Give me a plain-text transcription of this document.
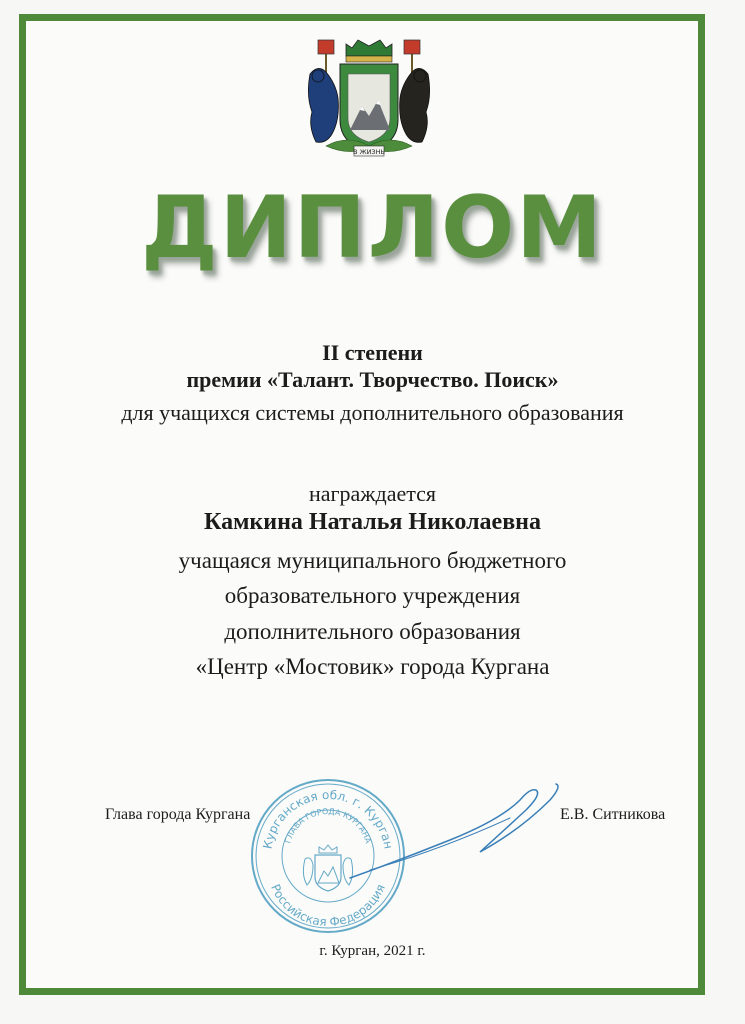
В ЖИЗНЬ
ДИПЛОМ
II степени
премии «Талант. Творчество. Поиск»
для учащихся системы дополнительного образования
награждается
Камкина Наталья Николаевна
учащаяся муниципального бюджетного
образовательного учреждения
дополнительного образования
«Центр «Мостовик» города Кургана
Курганская обл. г. Курган
Российская Федерация
ГЛАВА ГОРОДА КУРГАНА
Глава города Кургана	Е.В. Ситникова
г. Курган, 2021 г.
